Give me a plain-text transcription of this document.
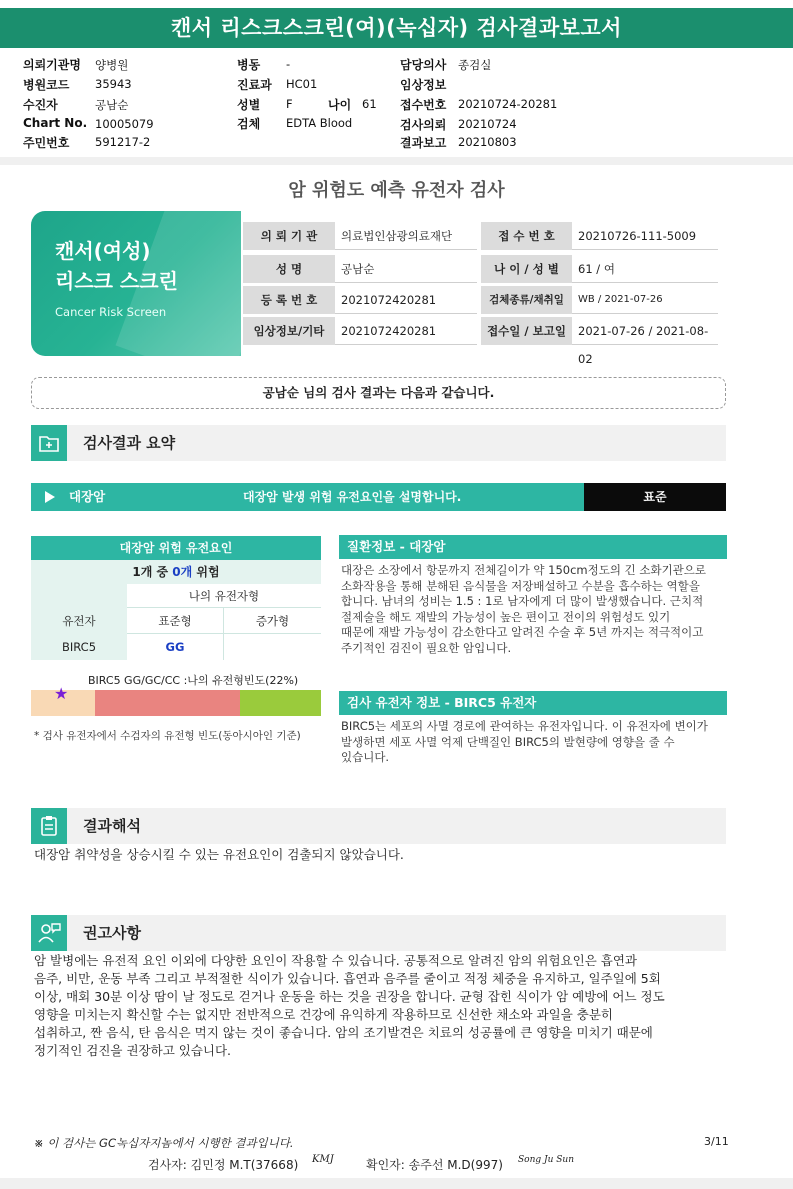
캔서 리스크스크린(여)(녹십자) 검사결과보고서
의뢰기관명 양병원
병원코드 35943
수진자	공남순
Chart No. 10005079
주민번호 591217-2
병동 -
진료과 HC01
성별 F	나이 61
검체 EDTA Blood
담당의사 종검실
임상정보
접수번호 20210724-20281
검사의뢰 20210724
결과보고 20210803
암 위험도 예측 유전자 검사
캔서(여성)
리스크 스크린
Cancer Risk Screen
의 뢰 기 관	의료법인삼광의료재단	접 수 번 호	20210726-111-5009
성 명	공남순	나 이 / 성 별	61 / 여
등 록 번 호	2021072420281	검체종류/채취일	WB / 2021-07-26
임상정보/기타	2021072420281	접수일 / 보고일	2021-07-26 / 2021-08-02
공남순 님의 검사 결과는 다음과 같습니다.
검사결과 요약
대장암	대장암 발생 위험 유전요인을 설명합니다.	표준
대장암 위험 유전요인
1개 중 0개 위험
나의 유전자형
유전자	표준형	증가형
BIRC5	GG
BIRC5 GG/GC/CC :나의 유전형빈도(22%)
★
* 검사 유전자에서 수검자의 유전형 빈도(동아시아인 기준)
질환정보 - 대장암
대장은 소장에서 항문까지 전체길이가 약 150cm정도의 긴 소화기관으로
소화작용을 통해 분해된 음식물을 저장배설하고 수분을 흡수하는 역할을
합니다. 남녀의 성비는 1.5 : 1로 남자에게 더 많이 발생했습니다. 근치적
절제술을 해도 재발의 가능성이 높은 편이고 전이의 위험성도 있기
때문에 재발 가능성이 감소한다고 알려진 수술 후 5년 까지는 적극적이고
주기적인 검진이 필요한 암입니다.
검사 유전자 정보 - BIRC5 유전자
BIRC5는 세포의 사멸 경로에 관여하는 유전자입니다. 이 유전자에 변이가
발생하면 세포 사멸 억제 단백질인 BIRC5의 발현량에 영향을 줄 수
있습니다.
결과해석
대장암 취약성을 상승시킬 수 있는 유전요인이 검출되지 않았습니다.
권고사항
암 발병에는 유전적 요인 이외에 다양한 요인이 작용할 수 있습니다. 공통적으로 알려진 암의 위험요인은 흡연과
음주, 비만, 운동 부족 그리고 부적절한 식이가 있습니다. 흡연과 음주를 줄이고 적정 체중을 유지하고, 일주일에 5회
이상, 매회 30분 이상 땀이 날 정도로 걷거나 운동을 하는 것을 권장을 합니다. 균형 잡힌 식이가 암 예방에 어느 정도
영향을 미치는지 확신할 수는 없지만 전반적으로 건강에 유익하게 작용하므로 신선한 채소와 과일을 충분히
섭취하고, 짠 음식, 탄 음식은 먹지 않는 것이 좋습니다. 암의 조기발견은 치료의 성공률에 큰 영향을 미치기 때문에
정기적인 검진을 권장하고 있습니다.
※ 이 검사는 GC녹십자지놈에서 시행한 결과입니다.	3/11
검사자: 김민정 M.T(37668) KMJ	확인자: 송주선 M.D(997) Song Ju Sun
